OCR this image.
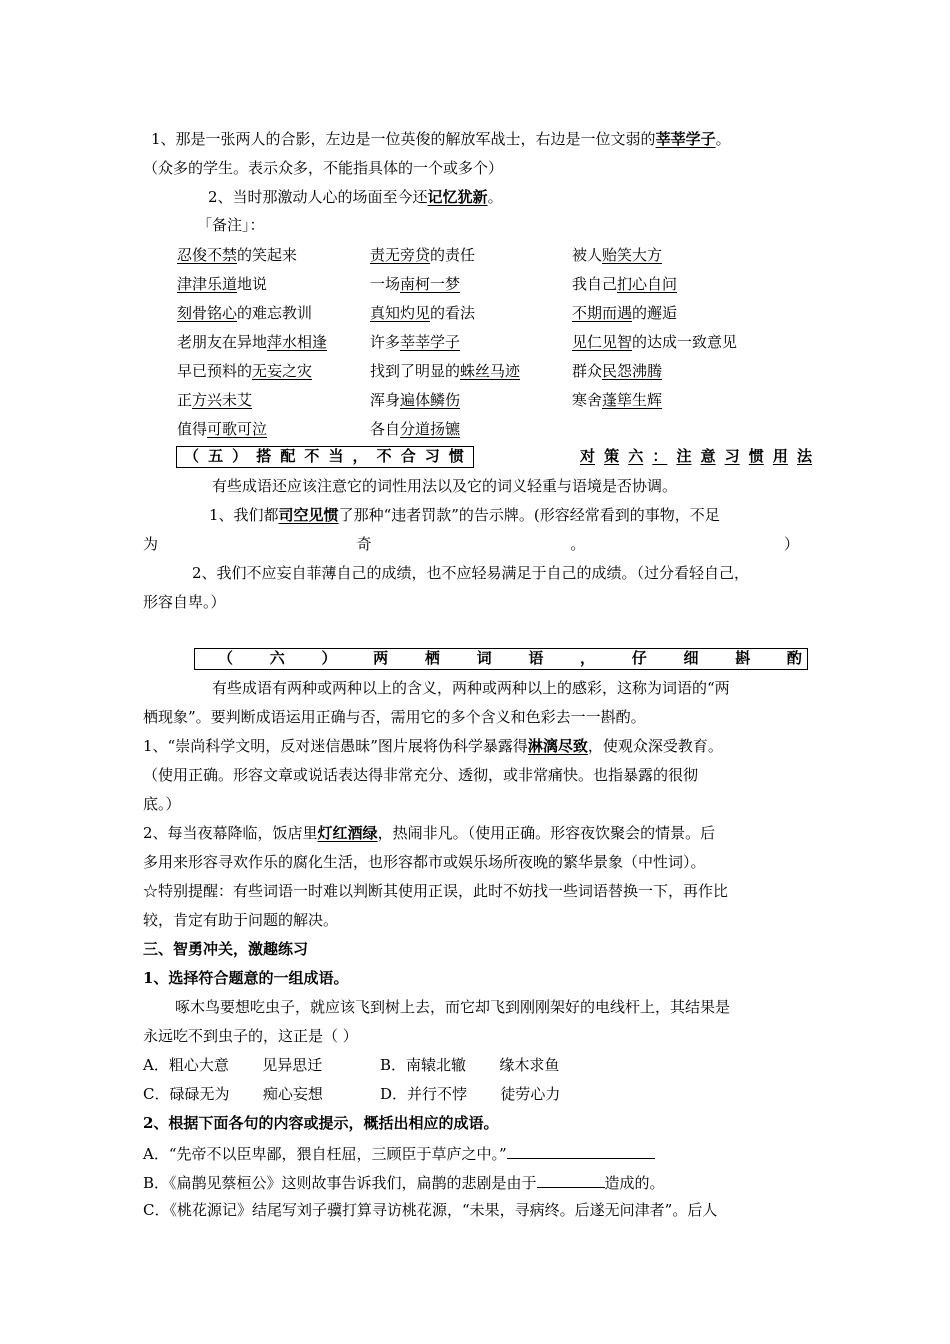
1、那是一张两人的合影，左边是一位英俊的解放军战士，右边是一位文弱的莘莘学子。
（众多的学生。表示众多，不能指具体的一个或多个）
2、当时那激动人心的场面至今还记忆犹新。
「备注」：
忍俊不禁的笑起来	责无旁贷的责任	被人贻笑大方
津津乐道地说	一场南柯一梦	我自己扪心自问
刻骨铭心的难忘教训	真知灼见的看法	不期而遇的邂逅
老朋友在异地萍水相逢	许多莘莘学子	见仁见智的达成一致意见
早已预料的无妄之灾	找到了明显的蛛丝马迹	群众民怨沸腾
正方兴未艾	浑身遍体鳞伤	寒舍蓬筚生辉
值得可歌可泣	各自分道扬镳
（ 五 ） 搭 配 不 当 ， 不 合 习 惯	对 策 六 ： 注 意 习 惯 用 法
有些成语还应该注意它的词性用法以及它的词义轻重与语境是否协调。
1、我们都司空见惯了那种“违者罚款”的告示牌。(形容经常看到的事物，不足
为	奇	。	）
2、我们不应妄自菲薄自己的成绩，也不应轻易满足于自己的成绩。（过分看轻自己，
形容自卑。）
（ 六 ） 两 栖 词 语 ， 仔 细 斟 酌
有些成语有两种或两种以上的含义，两种或两种以上的感彩，这称为词语的“两
栖现象”。要判断成语运用正确与否，需用它的多个含义和色彩去一一斟酌。
1、“崇尚科学文明，反对迷信愚昧”图片展将伪科学暴露得淋漓尽致，使观众深受教育。
（使用正确。形容文章或说话表达得非常充分、透彻，或非常痛快。也指暴露的很彻
底。）
2、每当夜幕降临，饭店里灯红酒绿，热闹非凡。（使用正确。形容夜饮聚会的情景。后
多用来形容寻欢作乐的腐化生活，也形容都市或娱乐场所夜晚的繁华景象（中性词）。
☆特别提醒：有些词语一时难以判断其使用正误，此时不妨找一些词语替换一下，再作比
较，肯定有助于问题的解决。
三、智勇冲关，激趣练习
1、选择符合题意的一组成语。
啄木鸟要想吃虫子，就应该飞到树上去，而它却飞到刚刚架好的电线杆上，其结果是
永远吃不到虫子的，这正是（ ）
A．粗心大意       见异思迁	B．南辕北辙       缘木求鱼
C．碌碌无为       痴心妄想	D．并行不悖       徒劳心力
2、根据下面各句的内容或提示，概括出相应的成语。
A．“先帝不以臣卑鄙，猥自枉屈，三顾臣于草庐之中。”
B．《扁鹊见蔡桓公》这则故事告诉我们，扁鹊的悲剧是由于	造成的。
C．《桃花源记》结尾写刘子骥打算寻访桃花源，“未果，寻病终。后遂无问津者”。后人
